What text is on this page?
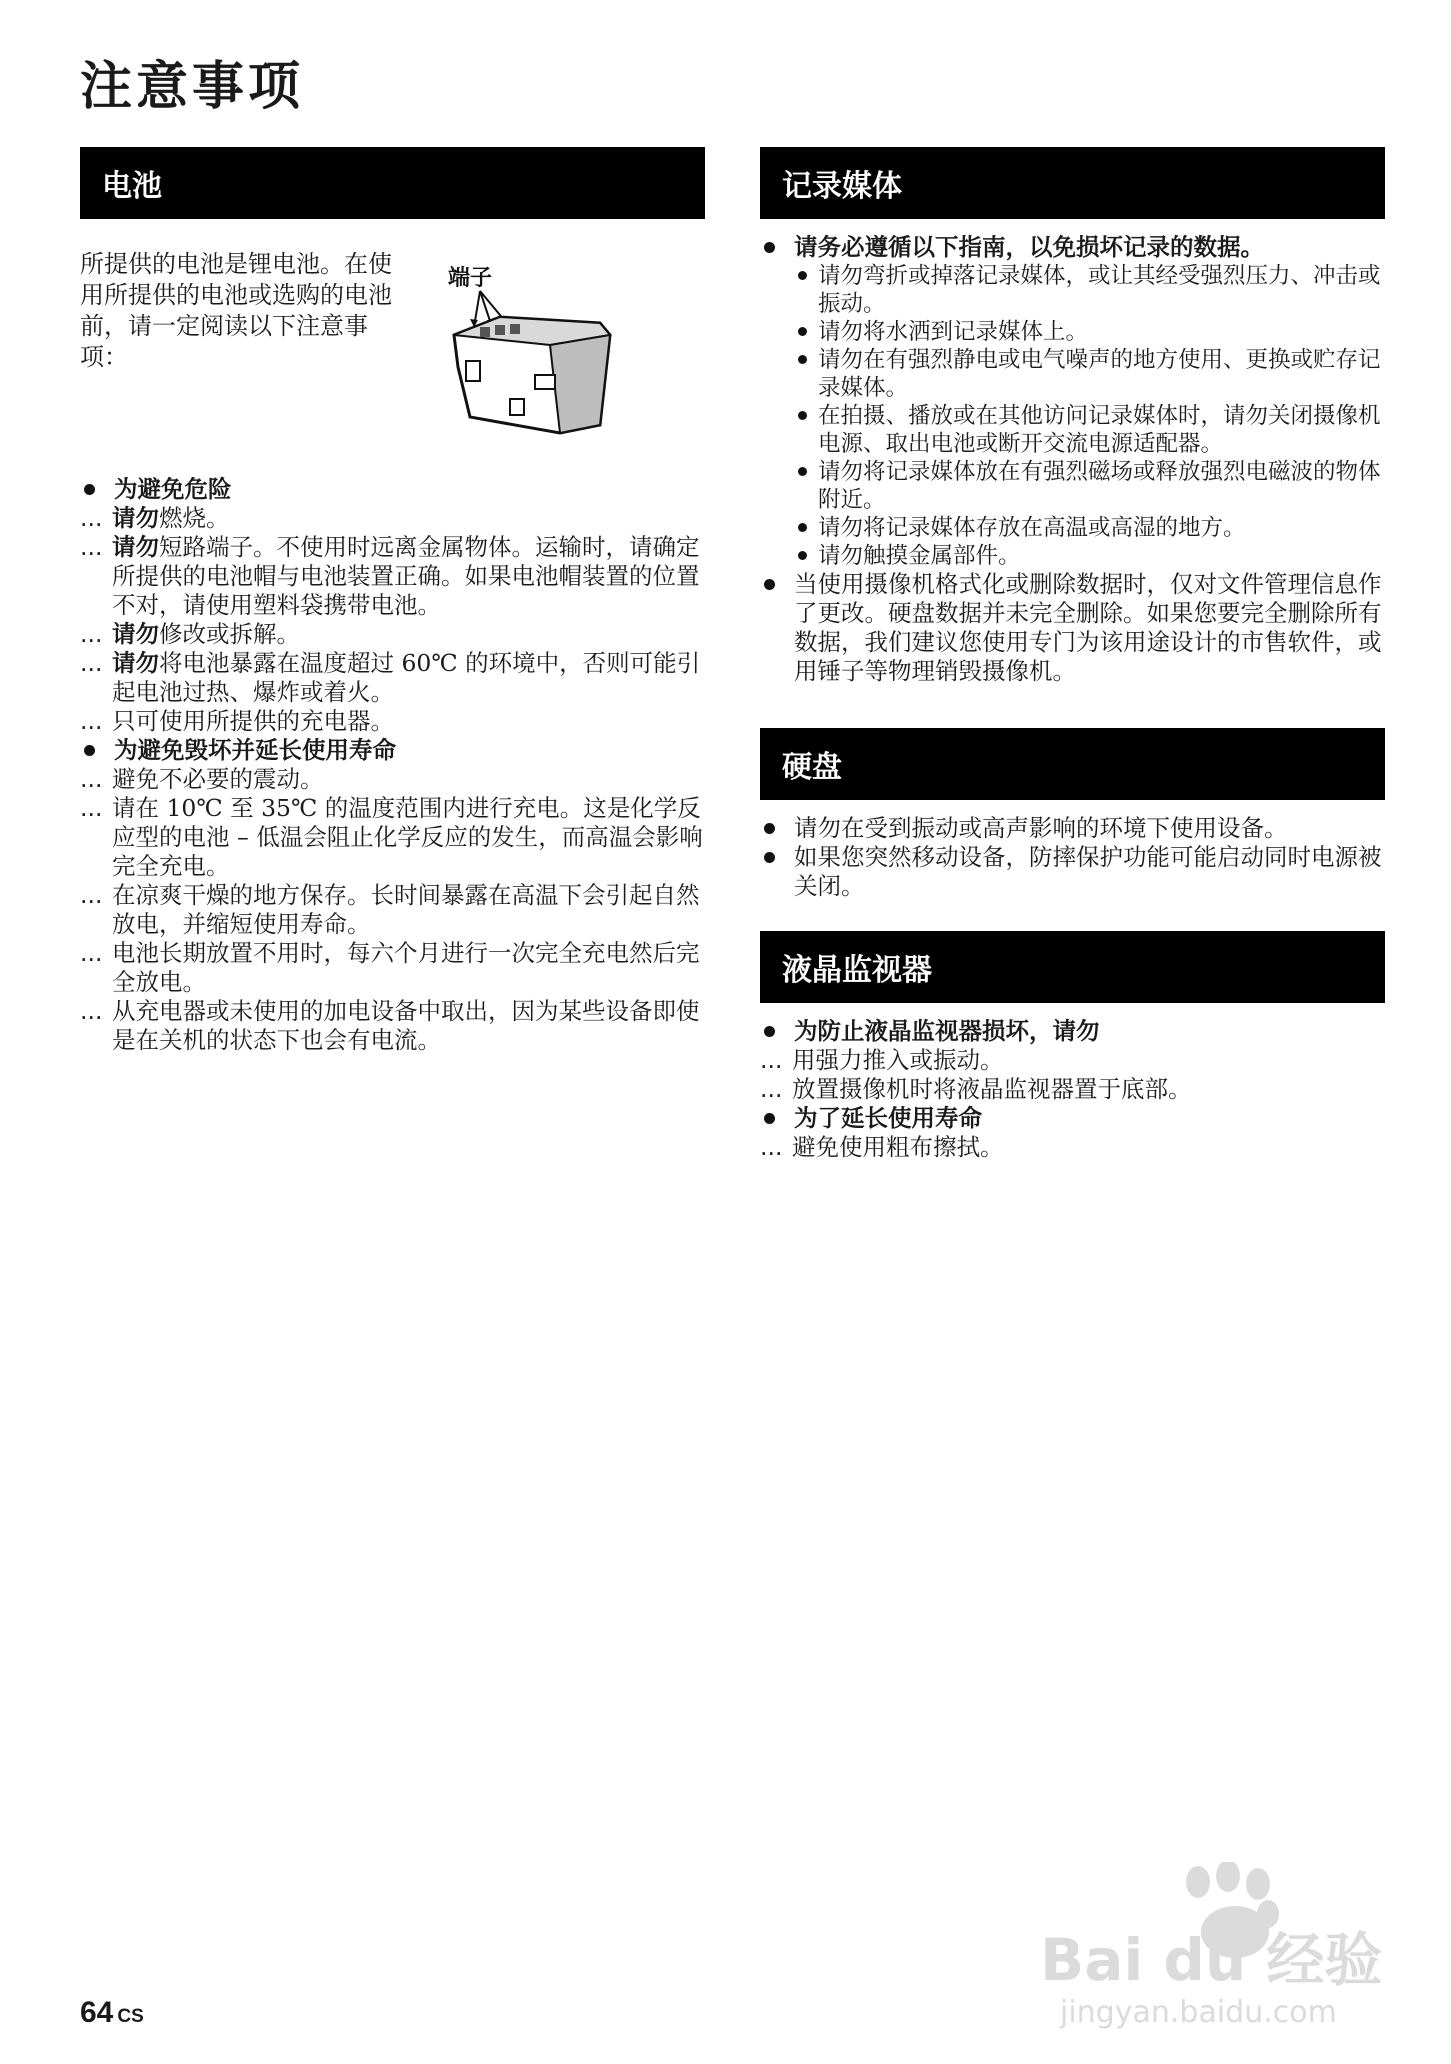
注意事项
电池

所提供的电池是锂电池。在使用所提供的电池或选购的电池前，请一定阅读以下注意事项：

端子
为避免危险
... 请勿燃烧。
... 请勿短路端子。不使用时远离金属物体。运输时，请确定所提供的电池帽与电池装置正确。如果电池帽装置的位置不对，请使用塑料袋携带电池。
... 请勿修改或拆解。
... 请勿将电池暴露在温度超过 60℃ 的环境中，否则可能引起电池过热、爆炸或着火。
... 只可使用所提供的充电器。
为避免毁坏并延长使用寿命
... 避免不必要的震动。
... 请在 10℃ 至 35℃ 的温度范围内进行充电。这是化学反应型的电池 – 低温会阻止化学反应的发生，而高温会影响完全充电。
... 在凉爽干燥的地方保存。长时间暴露在高温下会引起自然放电，并缩短使用寿命。
... 电池长期放置不用时，每六个月进行一次完全充电然后完全放电。
... 从充电器或未使用的加电设备中取出，因为某些设备即使是在关机的状态下也会有电流。
记录媒体
请务必遵循以下指南，以免损坏记录的数据。
请勿弯折或掉落记录媒体，或让其经受强烈压力、冲击或振动。
请勿将水洒到记录媒体上。
请勿在有强烈静电或电气噪声的地方使用、更换或贮存记录媒体。
在拍摄、播放或在其他访问记录媒体时，请勿关闭摄像机电源、取出电池或断开交流电源适配器。
请勿将记录媒体放在有强烈磁场或释放强烈电磁波的物体附近。
请勿将记录媒体存放在高温或高湿的地方。
请勿触摸金属部件。
当使用摄像机格式化或删除数据时，仅对文件管理信息作了更改。硬盘数据并未完全删除。如果您要完全删除所有数据，我们建议您使用专门为该用途设计的市售软件，或用锤子等物理销毁摄像机。
硬盘
请勿在受到振动或高声影响的环境下使用设备。
如果您突然移动设备，防摔保护功能可能启动同时电源被关闭。
液晶监视器
为防止液晶监视器损坏，请勿
... 用强力推入或振动。
... 放置摄像机时将液晶监视器置于底部。
为了延长使用寿命
... 避免使用粗布擦拭。
64 CS
Bai du 经验
jingyan.baidu.com
